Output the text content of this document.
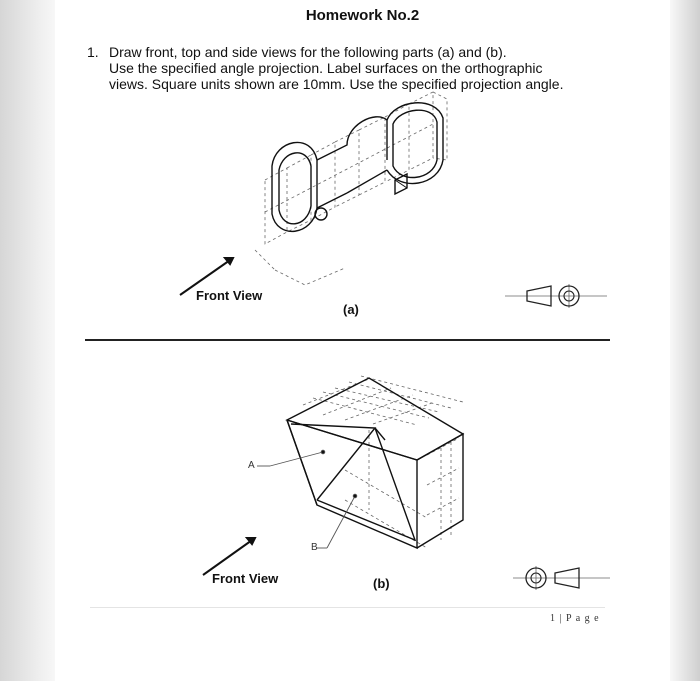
Homework No.2
1. Draw front, top and side views for the following parts (a) and (b).
Use the specified angle projection. Label surfaces on the orthographic
views. Square units shown are 10mm. Use the specified projection angle.
Front View
(a)
A
B
Front View	(b)
1 | P a g e
